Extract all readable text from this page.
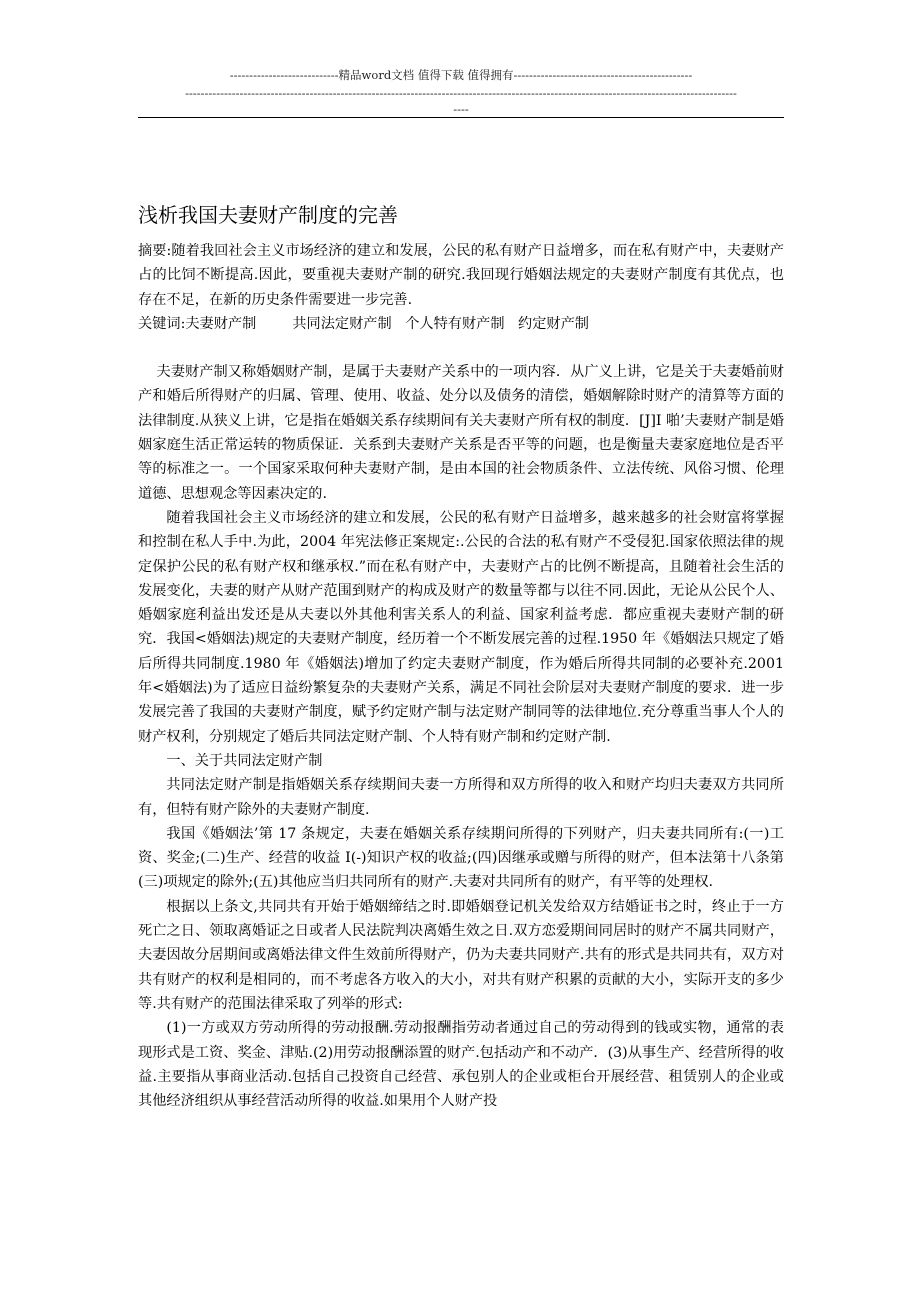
----------------------------精品word文档 值得下载 值得拥有----------------------------------------------
----------------------------------------------------------------------------------------------------------------------------------------------
----
浅析我国夫妻财产制度的完善

摘要:随着我回社会主义市场经济的建立和发展，公民的私有财产日益增多，而在私有财产中，夫妻财产占的比饲不断提高.因此，要重视夫妻财产制的研究.我回现行婚姻法规定的夫妻财产制度有其优点，也存在不足，在新的历史条件需要进一步完善.

关键词:夫妻财产制        共同法定财产制   个人特有财产制   约定财产制

夫妻财产制又称婚姻财产制，是属于夫妻财产关系中的一项内容．从广义上讲，它是关于夫妻婚前财产和婚后所得财产的归属、管理、使用、收益、处分以及债务的清偿，婚姻解除时财产的清算等方面的法律制度.从狭义上讲，它是指在婚姻关系存续期间有关夫妻财产所有权的制度．[J]I 啪’夫妻财产制是婚姻家庭生活正常运转的物质保证．关系到夫妻财产关系是否平等的问题，也是衡量夫妻家庭地位是否平等的标准之一。一个国家采取何种夫妻财产制，是由本国的社会物质条件、立法传统、风俗习惯、伦理道德、思想观念等因素决定的.

随着我国社会主义市场经济的建立和发展，公民的私有财产日益增多，越来越多的社会财富将掌握和控制在私人手中.为此，2004 年宪法修正案规定:.公民的合法的私有财产不受侵犯.国家依照法律的规定保护公民的私有财产权和继承权.”而在私有财产中，夫妻财产占的比例不断提高，且随着社会生活的发展变化，夫妻的财产从财产范围到财产的构成及财产的数量等都与以往不同.因此，无论从公民个人、婚姻家庭利益出发还是从夫妻以外其他利害关系人的利益、国家利益考虑．都应重视夫妻财产制的研究．我国<婚姻法)规定的夫妻财产制度，经历着一个不断发展完善的过程.1950 年《婚姻法只规定了婚后所得共同制度.1980 年《婚姻法)增加了约定夫妻财产制度，作为婚后所得共同制的必要补充.2001 年<婚姻法)为了适应日益纷繁复杂的夫妻财产关系，满足不同社会阶层对夫妻财产制度的要求．进一步发展完善了我国的夫妻财产制度，赋予约定财产制与法定财产制同等的法律地位.充分尊重当事人个人的财产权利，分别规定了婚后共同法定财产制、个人特有财产制和约定财产制.

一、关于共同法定财产制

共同法定财产制是指婚姻关系存续期间夫妻一方所得和双方所得的收入和财产均归夫妻双方共同所有，但特有财产除外的夫妻财产制度.

我国《婚姻法’第 17 条规定，夫妻在婚姻关系存续期问所得的下列财产，归夫妻共同所有:(一)工资、奖金;(二)生产、经营的收益 I(-)知识产权的收益;(四)因继承或赠与所得的财产，但本法第十八条第(三)项规定的除外;(五)其他应当归共同所有的财产.夫妻对共同所有的财产，有平等的处理权.

根据以上条文,共同共有开始于婚姻缔结之时.即婚姻登记机关发给双方结婚证书之时，终止于一方死亡之日、领取离婚证之日或者人民法院判决离婚生效之日.双方恋爱期间同居时的财产不属共同财产，夫妻因故分居期间或离婚法律文件生效前所得财产，仍为夫妻共同财产.共有的形式是共同共有，双方对共有财产的权利是相同的，而不考虑各方收入的大小，对共有财产积累的贡献的大小，实际开支的多少等.共有财产的范围法律采取了列举的形式:

(1)一方或双方劳动所得的劳动报酬.劳动报酬指劳动者通过自己的劳动得到的钱或实物，通常的表现形式是工资、奖金、津贴.(2)用劳动报酬添置的财产.包括动产和不动产．(3)从事生产、经营所得的收益.主要指从事商业活动.包括自己投资自己经营、承包别人的企业或柜台开展经营、租赁别人的企业或其他经济组织从事经营活动所得的收益.如果用个人财产投
